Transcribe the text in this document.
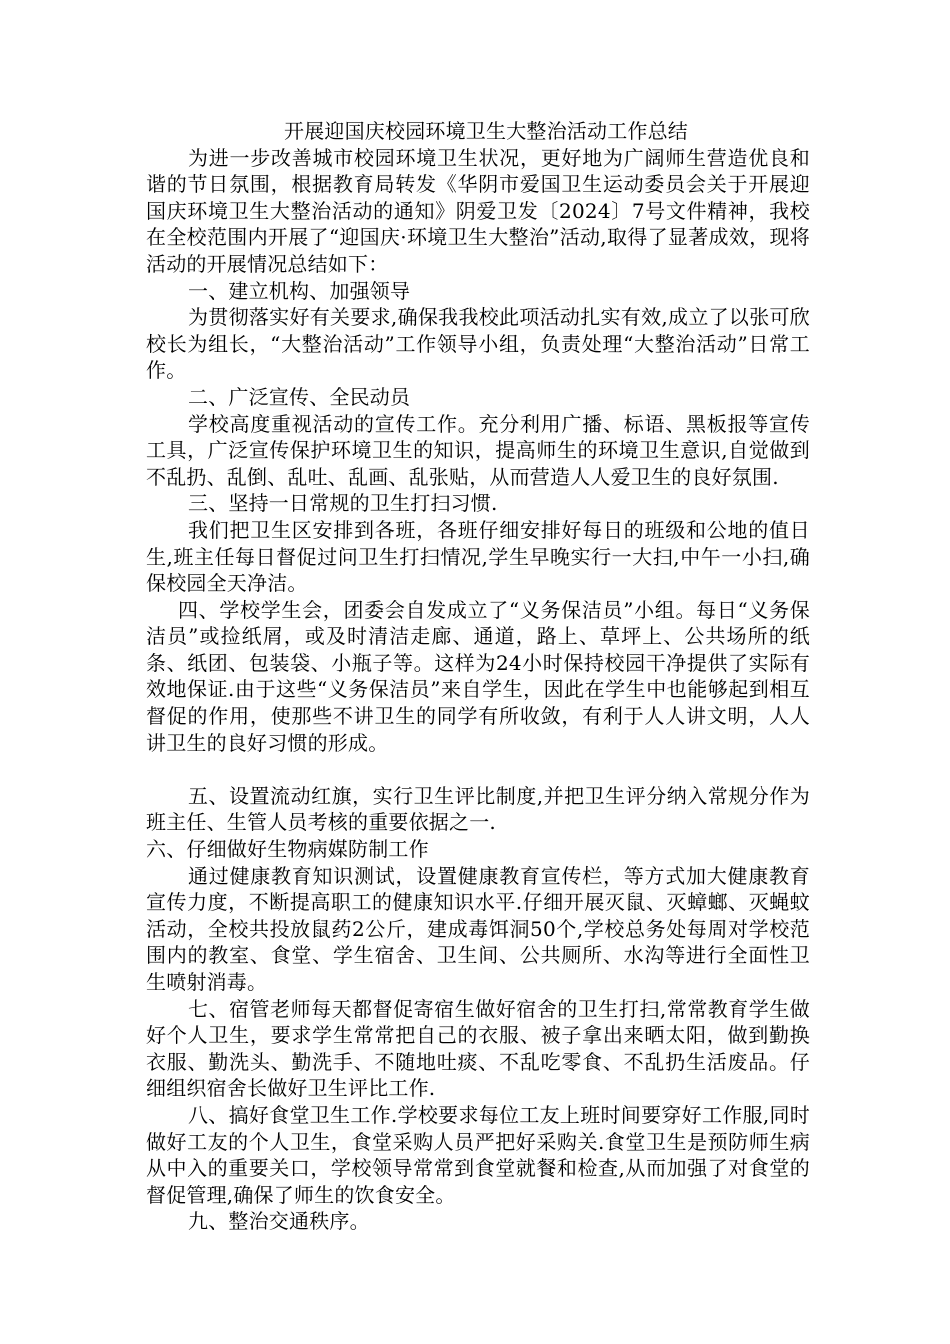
开展迎国庆校园环境卫生大整治活动工作总结

为进一步改善城市校园环境卫生状况，更好地为广阔师生营造优良和谐的节日氛围，根据教育局转发《华阴市爱国卫生运动委员会关于开展迎国庆环境卫生大整治活动的通知》阴爱卫发〔2024〕7号文件精神，我校在全校范围内开展了“迎国庆·环境卫生大整治”活动,取得了显著成效，现将活动的开展情况总结如下：

一、建立机构、加强领导

为贯彻落实好有关要求,确保我我校此项活动扎实有效,成立了以张可欣校长为组长，“大整治活动”工作领导小组，负责处理“大整治活动”日常工作。

二、广泛宣传、全民动员

学校高度重视活动的宣传工作。充分利用广播、标语、黑板报等宣传工具，广泛宣传保护环境卫生的知识，提高师生的环境卫生意识,自觉做到不乱扔、乱倒、乱吐、乱画、乱张贴，从而营造人人爱卫生的良好氛围.

三、坚持一日常规的卫生打扫习惯.

我们把卫生区安排到各班，各班仔细安排好每日的班级和公地的值日生,班主任每日督促过问卫生打扫情况,学生早晚实行一大扫,中午一小扫,确保校园全天净洁。

四、学校学生会，团委会自发成立了“义务保洁员”小组。每日“义务保洁员”或捡纸屑，或及时清洁走廊、通道，路上、草坪上、公共场所的纸条、纸团、包装袋、小瓶子等。这样为24小时保持校园干净提供了实际有效地保证.由于这些“义务保洁员”来自学生，因此在学生中也能够起到相互督促的作用，使那些不讲卫生的同学有所收敛，有利于人人讲文明，人人讲卫生的良好习惯的形成。

五、设置流动红旗，实行卫生评比制度,并把卫生评分纳入常规分作为班主任、生管人员考核的重要依据之一.

六、仔细做好生物病媒防制工作

通过健康教育知识测试，设置健康教育宣传栏，等方式加大健康教育宣传力度，不断提高职工的健康知识水平.仔细开展灭鼠、灭蟑螂、灭蝇蚊活动，全校共投放鼠药2公斤，建成毒饵洞50个,学校总务处每周对学校范围内的教室、食堂、学生宿舍、卫生间、公共厕所、水沟等进行全面性卫生喷射消毒。

七、宿管老师每天都督促寄宿生做好宿舍的卫生打扫,常常教育学生做好个人卫生，要求学生常常把自己的衣服、被子拿出来晒太阳，做到勤换衣服、勤洗头、勤洗手、不随地吐痰、不乱吃零食、不乱扔生活废品。仔细组织宿舍长做好卫生评比工作.

八、搞好食堂卫生工作.学校要求每位工友上班时间要穿好工作服,同时做好工友的个人卫生，食堂采购人员严把好采购关.食堂卫生是预防师生病从中入的重要关口，学校领导常常到食堂就餐和检查,从而加强了对食堂的督促管理,确保了师生的饮食安全。

九、整治交通秩序。
